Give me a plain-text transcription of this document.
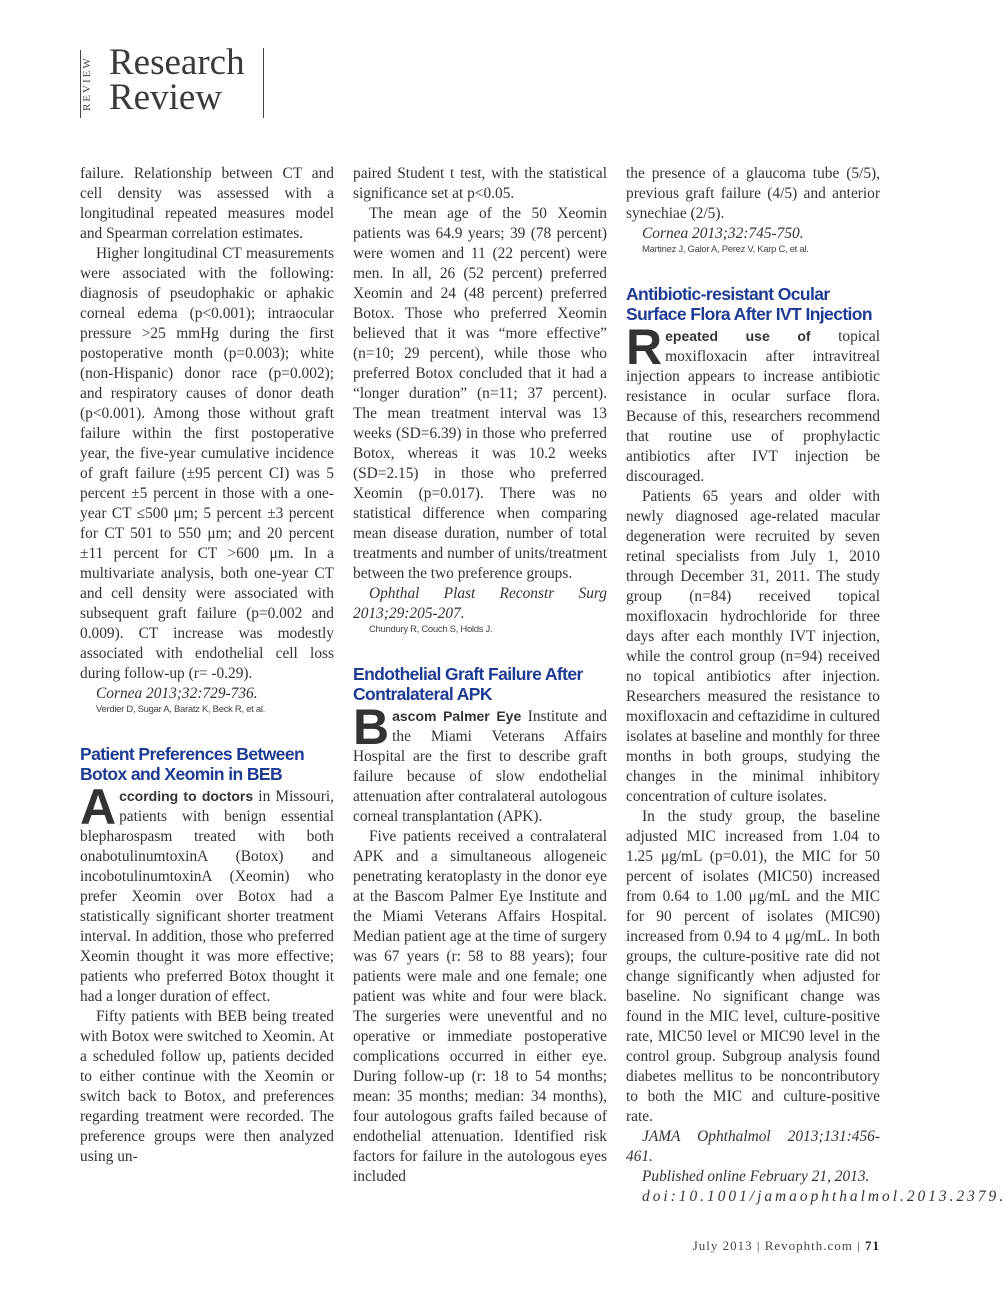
REVIEW Research
Review

failure. Relationship between CT and cell density was assessed with a longitudinal repeated measures model and Spearman correlation estimates.

Higher longitudinal CT measurements were associated with the following: diagnosis of pseudophakic or aphakic corneal edema (p<0.001); intraocular pressure >25 mmHg during the first postoperative month (p=0.003); white (non-Hispanic) donor race (p=0.002); and respiratory causes of donor death (p<0.001). Among those without graft failure within the first postoperative year, the five-year cumulative incidence of graft failure (±95 percent CI) was 5 percent ±5 percent in those with a one-year CT ≤500 μm; 5 percent ±3 percent for CT 501 to 550 μm; and 20 percent ±11 percent for CT >600 μm. In a multivariate analysis, both one-year CT and cell density were associated with subsequent graft failure (p=0.002 and 0.009). CT increase was modestly associated with endothelial cell loss during follow-up (r= -0.29).

Cornea 2013;32:729-736.

Verdier D, Sugar A, Baratz K, Beck R, et al.

Patient Preferences Between Botox and Xeomin in BEB

According to doctors in Missouri, patients with benign essential blepharospasm treated with both onabotulinumtoxinA (Botox) and incobotulinumtoxinA (Xeomin) who prefer Xeomin over Botox had a statistically significant shorter treatment interval. In addition, those who preferred Xeomin thought it was more effective; patients who preferred Botox thought it had a longer duration of effect.

Fifty patients with BEB being treated with Botox were switched to Xeomin. At a scheduled follow up, patients decided to either continue with the Xeomin or switch back to Botox, and preferences regarding treatment were recorded. The preference groups were then analyzed using un-

paired Student t test, with the statistical significance set at p<0.05.

The mean age of the 50 Xeomin patients was 64.9 years; 39 (78 percent) were women and 11 (22 percent) were men. In all, 26 (52 percent) preferred Xeomin and 24 (48 percent) preferred Botox. Those who preferred Xeomin believed that it was “more effective” (n=10; 29 percent), while those who preferred Botox concluded that it had a “longer duration” (n=11; 37 percent). The mean treatment interval was 13 weeks (SD=6.39) in those who preferred Botox, whereas it was 10.2 weeks (SD=2.15) in those who preferred Xeomin (p=0.017). There was no statistical difference when comparing mean disease duration, number of total treatments and number of units/treatment between the two preference groups.

Ophthal Plast Reconstr Surg 2013;29:205-207.

Chundury R, Couch S, Holds J.

Endothelial Graft Failure After Contralateral APK

Bascom Palmer Eye Institute and the Miami Veterans Affairs Hospital are the first to describe graft failure because of slow endothelial attenuation after contralateral autologous corneal transplantation (APK).

Five patients received a contralateral APK and a simultaneous allogeneic penetrating keratoplasty in the donor eye at the Bascom Palmer Eye Institute and the Miami Veterans Affairs Hospital. Median patient age at the time of surgery was 67 years (r: 58 to 88 years); four patients were male and one female; one patient was white and four were black. The surgeries were uneventful and no operative or immediate postoperative complications occurred in either eye. During follow-up (r: 18 to 54 months; mean: 35 months; median: 34 months), four autologous grafts failed because of endothelial attenuation. Identified risk factors for failure in the autologous eyes included

the presence of a glaucoma tube (5/5), previous graft failure (4/5) and anterior synechiae (2/5).

Cornea 2013;32:745-750.

Martinez J, Galor A, Perez V, Karp C, et al.

Antibiotic-resistant Ocular Surface Flora After IVT Injection

Repeated use of topical moxifloxacin after intravitreal injection appears to increase antibiotic resistance in ocular surface flora. Because of this, researchers recommend that routine use of prophylactic antibiotics after IVT injection be discouraged.

Patients 65 years and older with newly diagnosed age-related macular degeneration were recruited by seven retinal specialists from July 1, 2010 through December 31, 2011. The study group (n=84) received topical moxifloxacin hydrochloride for three days after each monthly IVT injection, while the control group (n=94) received no topical antibiotics after injection. Researchers measured the resistance to moxifloxacin and ceftazidime in cultured isolates at baseline and monthly for three months in both groups, studying the changes in the minimal inhibitory concentration of culture isolates.

In the study group, the baseline adjusted MIC increased from 1.04 to 1.25 μg/mL (p=0.01), the MIC for 50 percent of isolates (MIC50) increased from 0.64 to 1.00 μg/mL and the MIC for 90 percent of isolates (MIC90) increased from 0.94 to 4 μg/mL. In both groups, the culture-positive rate did not change significantly when adjusted for baseline. No significant change was found in the MIC level, culture-positive rate, MIC50 level or MIC90 level in the control group. Subgroup analysis found diabetes mellitus to be noncontributory to both the MIC and culture-positive rate.

JAMA Ophthalmol 2013;131:456-461.

Published online February 21, 2013.

doi:10.1001/jamaophthalmol.2013.2379.

July 2013 | Revophth.com | 71
